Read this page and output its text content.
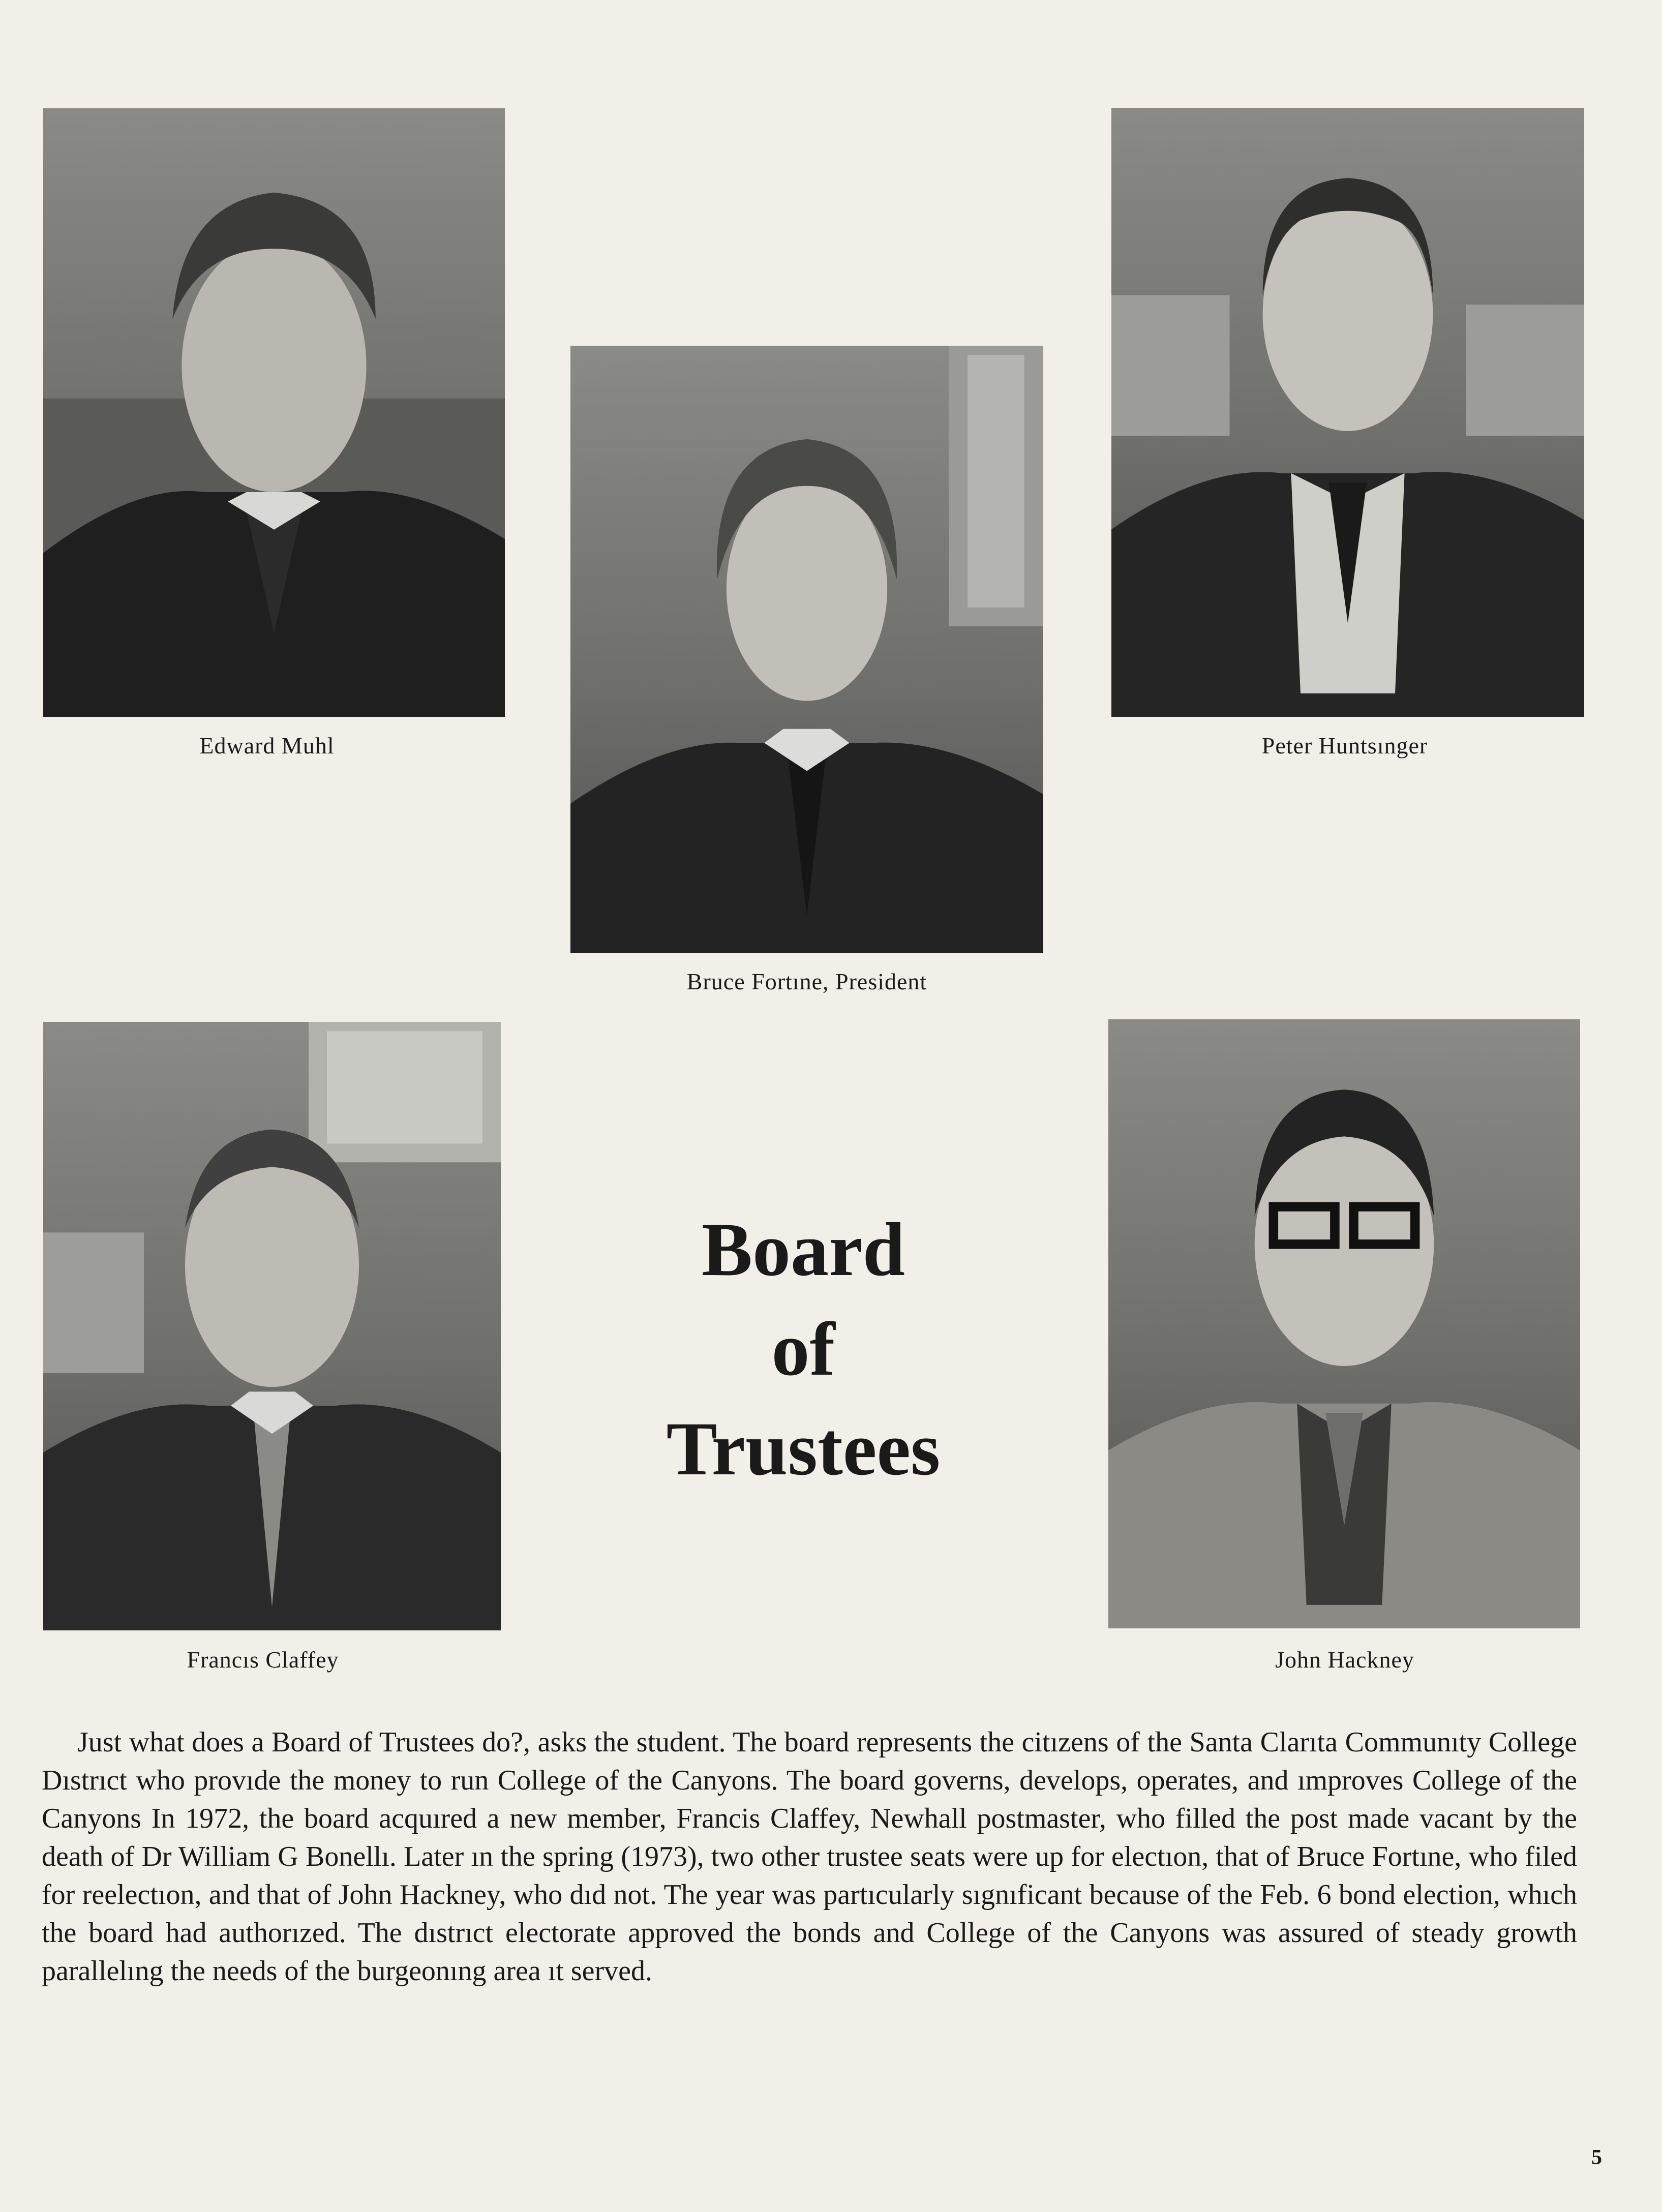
Edward Muhl
Bruce Fortıne, President
Peter Huntsınger
Francıs Claffey
Board
of
Trustees
John Hackney
Just what does a Board of Trustees do?, asks the student. The board represents the citızens of the Santa Clarıta Communıty College Dıstrıct who provıde the money to run College of the Canyons. The board governs, develops, operates, and ımproves College of the Canyons In 1972, the board acquıred a new member, Francis Claffey, Newhall postmaster, who filled the post made vacant by the death of Dr William G Bonellı. Later ın the spring (1973), two other trustee seats were up for electıon, that of Bruce Fortıne, who filed for reelectıon, and that of John Hackney, who dıd not. The year was partıcularly sıgnıficant because of the Feb. 6 bond election, whıch the board had authorızed. The dıstrıct electorate approved the bonds and College of the Canyons was assured of steady growth parallelıng the needs of the burgeonıng area ıt served.
5
